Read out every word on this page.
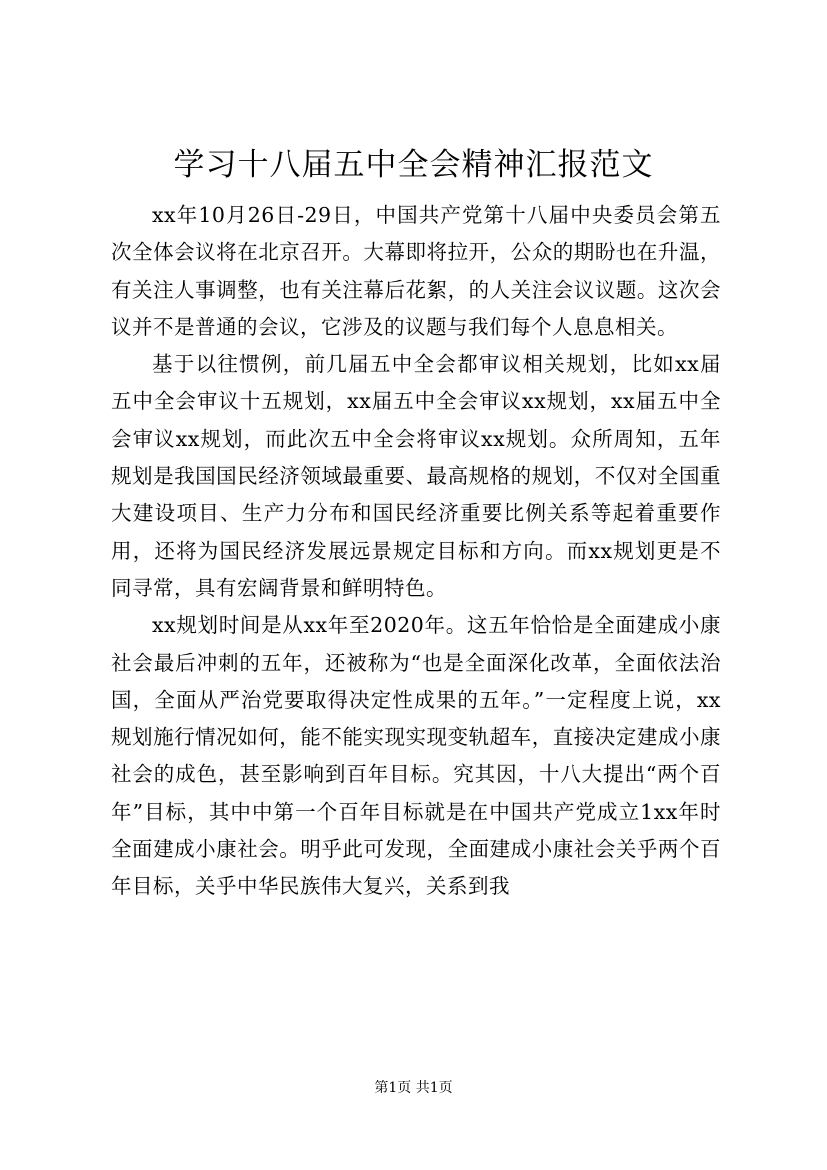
学习十八届五中全会精神汇报范文

xx年10月26日-29日，中国共产党第十八届中央委员会第五次全体会议将在北京召开。大幕即将拉开，公众的期盼也在升温，有关注人事调整，也有关注幕后花絮，的人关注会议议题。这次会议并不是普通的会议，它涉及的议题与我们每个人息息相关。

基于以往惯例，前几届五中全会都审议相关规划，比如xx届五中全会审议十五规划，xx届五中全会审议xx规划，xx届五中全会审议xx规划，而此次五中全会将审议xx规划。众所周知，五年规划是我国国民经济领域最重要、最高规格的规划，不仅对全国重大建设项目、生产力分布和国民经济重要比例关系等起着重要作用，还将为国民经济发展远景规定目标和方向。而xx规划更是不同寻常，具有宏阔背景和鲜明特色。

xx规划时间是从xx年至2020年。这五年恰恰是全面建成小康社会最后冲刺的五年，还被称为“也是全面深化改革，全面依法治国，全面从严治党要取得决定性成果的五年。”一定程度上说，xx规划施行情况如何，能不能实现实现变轨超车，直接决定建成小康社会的成色，甚至影响到百年目标。究其因，十八大提出“两个百年”目标，其中中第一个百年目标就是在中国共产党成立1xx年时全面建成小康社会。明乎此可发现，全面建成小康社会关乎两个百年目标，关乎中华民族伟大复兴，关系到我

第1页 共1页
